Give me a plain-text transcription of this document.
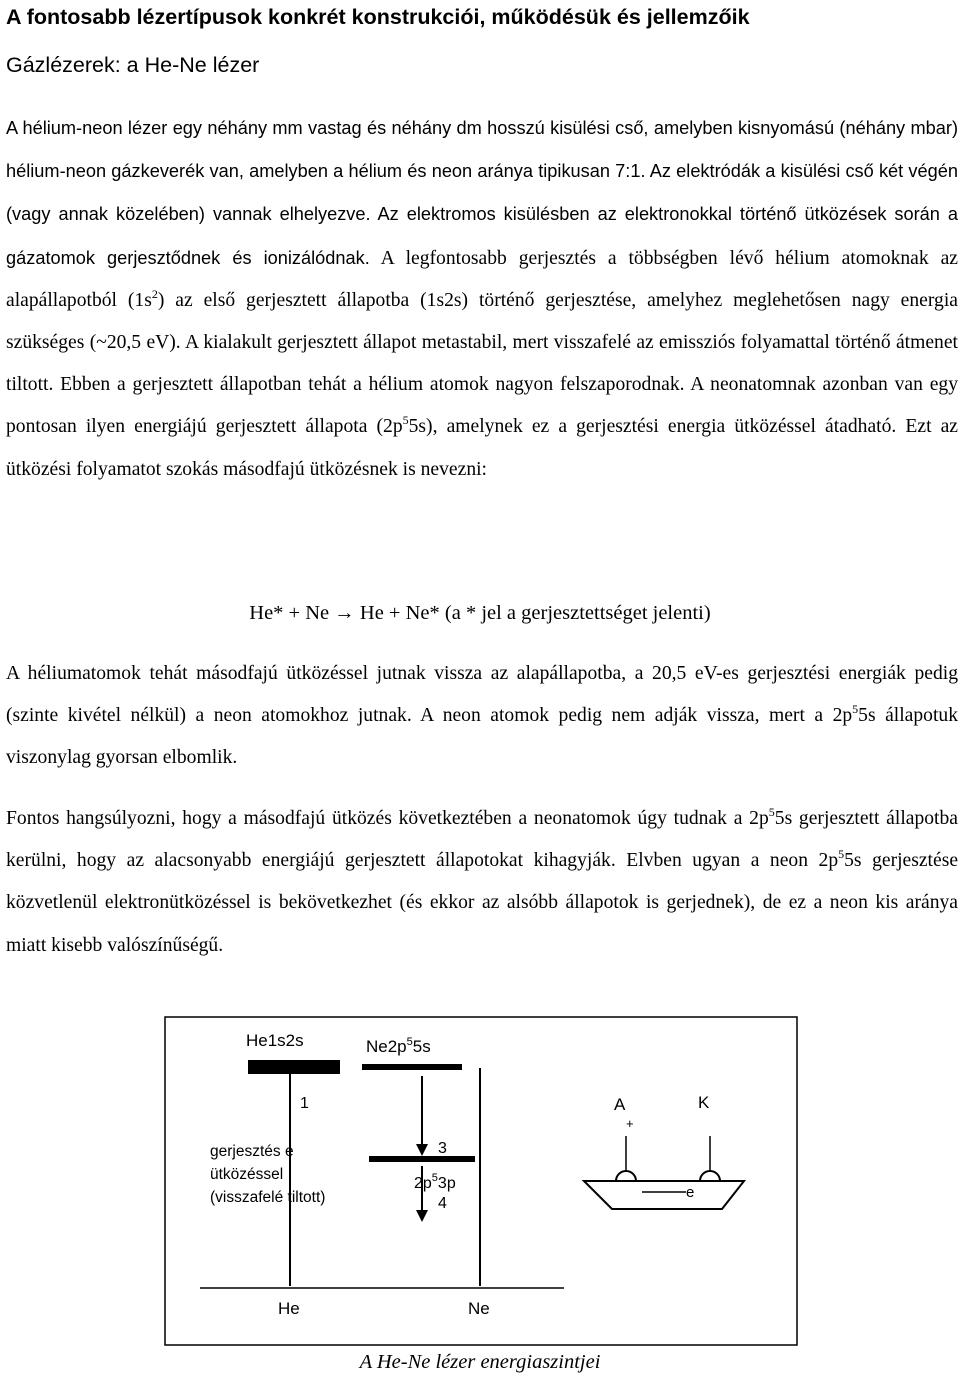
A fontosabb lézertípusok konkrét konstrukciói, működésük és jellemzőik
Gázlézerek: a He-Ne lézer

A hélium-neon lézer egy néhány mm vastag és néhány dm hosszú kisülési cső, amelyben kisnyomású (néhány mbar) hélium-neon gázkeverék van, amelyben a hélium és neon aránya tipikusan 7:1. Az elektródák a kisülési cső két végén (vagy annak közelében) vannak elhelyezve. Az elektromos kisülésben az elektronokkal történő ütközések során a gázatomok gerjesztődnek és ionizálódnak. A legfontosabb gerjesztés a többségben lévő hélium atomoknak az alapállapotból $(1s^2)$ az első gerjesztett állapotba (1s2s) történő gerjesztése, amelyhez meglehetősen nagy energia szükséges (~20,5 eV). A kialakult gerjesztett állapot metastabil, mert visszafelé az emissziós folyamattal történő átmenet tiltott. Ebben a gerjesztett állapotban tehát a hélium atomok nagyon felszaporodnak. A neonatomnak azonban van egy pontosan ilyen energiájú gerjesztett állapota $(2p^55s)$, amelynek ez a gerjesztési energia ütközéssel átadható. Ezt az ütközési folyamatot szokás másodfajú ütközésnek is nevezni:

He* + Ne → He + Ne* (a * jel a gerjesztettséget jelenti)

A héliumatomok tehát másodfajú ütközéssel jutnak vissza az alapállapotba, a 20,5 eV-es gerjesztési energiák pedig (szinte kivétel nélkül) a neon atomokhoz jutnak. A neon atomok pedig nem adják vissza, mert a $2p^55s$ állapotuk viszonylag gyorsan elbomlik.

Fontos hangsúlyozni, hogy a másodfajú ütközés következtében a neonatomok úgy tudnak a $2p^55s$ gerjesztett állapotba kerülni, hogy az alacsonyabb energiájú gerjesztett állapotokat kihagyják. Elvben ugyan a neon $2p^55s$ gerjesztése közvetlenül elektronütközéssel is bekövetkezhet (és ekkor az alsóbb állapotok is gerjednek), de ez a neon kis aránya miatt kisebb valószínűségű.

He1s2s	$Ne2p^55s$
1
gerjesztés e
ütközéssel
(visszafelé tiltott)
3
$2p^53p$
4
He	Ne
A	K
+
e
A He-Ne lézer energiaszintjei
